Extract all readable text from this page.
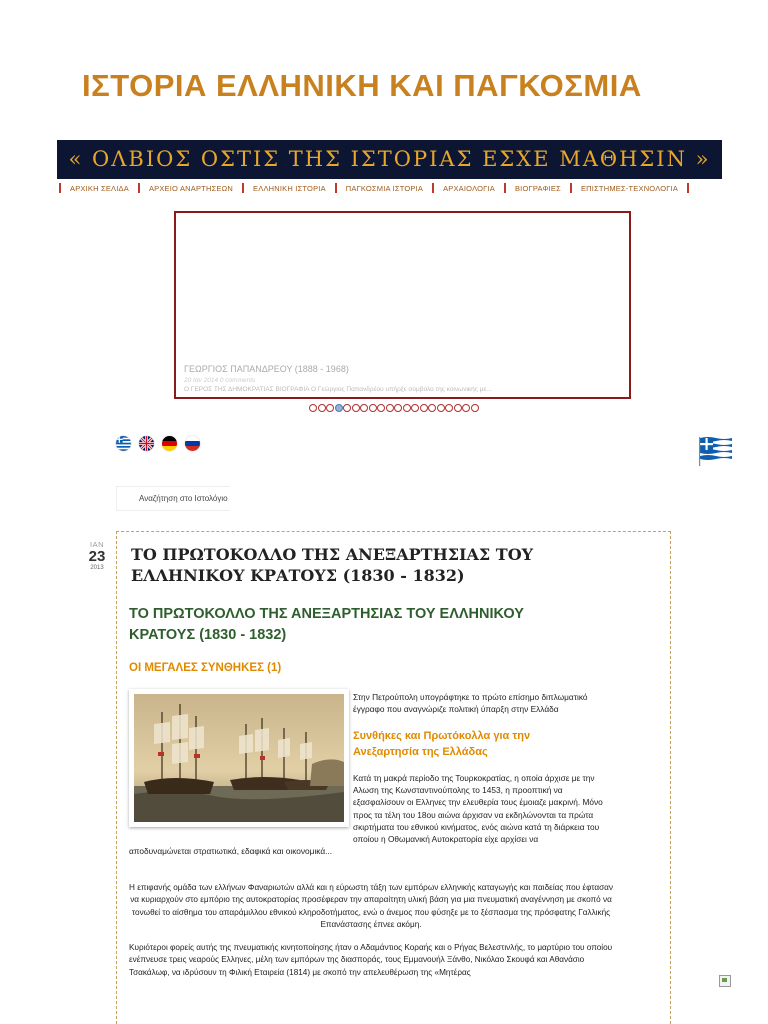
ΙΣΤΟΡΙΑ ΕΛΛΗΝΙΚΗ ΚΑΙ ΠΑΓΚΟΣΜΙΑ
« ΟΛΒΙΟΣ ΟΣΤΙΣ ΤΗΣ ΙΣΤΟΡΙΑΣ ΕΣΧΕ ΜΑΘΗΣΙΝ »
ΑΡΧΙΚΗ ΣΕΛΙΔΑ	ΑΡΧΕΙΟ ΑΝΑΡΤΗΣΕΩΝ	ΕΛΛΗΝΙΚΗ ΙΣΤΟΡΙΑ	ΠΑΓΚΟΣΜΙΑ ΙΣΤΟΡΙΑ	ΑΡΧΑΙΟΛΟΓΙΑ	ΒΙΟΓΡΑΦΙΕΣ	ΕΠΙΣΤΗΜΕΣ-ΤΕΧΝΟΛΟΓΙΑ
ΓΕΩΡΓΙΟΣ ΠΑΠΑΝΔΡΕΟΥ (1888 - 1968)
20 Ιαν 2014 0 comments
Ο ΓΕΡΟΣ ΤΗΣ ΔΗΜΟΚΡΑΤΙΑΣ ΒΙΟΓΡΑΦΙΑ Ο Γεώργιος Παπανδρέου υπήρξε σύμβολο της κοινωνικής με...
Αναζήτηση στο Ιστολόγιο
ΙΑΝ
23
2013
ΤΟ ΠΡΩΤΟΚΟΛΛΟ ΤΗΣ ΑΝΕΞΑΡΤΗΣΙΑΣ ΤΟΥ ΕΛΛΗΝΙΚΟΥ ΚΡΑΤΟΥΣ (1830 - 1832)
ΤΟ ΠΡΩΤΟΚΟΛΛΟ ΤΗΣ ΑΝΕΞΑΡΤΗΣΙΑΣ ΤΟΥ ΕΛΛΗΝΙΚΟΥ ΚΡΑΤΟΥΣ (1830 - 1832)
ΟΙ ΜΕΓΑΛΕΣ ΣΥΝΘΗΚΕΣ (1)

Στην Πετρούπολη υπογράφτηκε το πρώτο επίσημο διπλωματικό έγγραφο που αναγνώριζε πολιτική ύπαρξη στην Ελλάδα

Συνθήκες και Πρωτόκολλα για την Ανεξαρτησία της Ελλάδας

Κατά τη μακρά περίοδο της Τουρκοκρατίας, η οποία άρχισε με την Αλωση της Κωνσταντινούπολης το 1453, η προοπτική να εξασφαλίσουν οι Ελληνες την ελευθερία τους έμοιαζε μακρινή. Μόνο προς τα τέλη του 18ου αιώνα άρχισαν να εκδηλώνονται τα πρώτα σκιρτήματα του εθνικού κινήματος, ενός αιώνα κατά τη διάρκεια του οποίου η Οθωμανική Αυτοκρατορία είχε αρχίσει να

αποδυναμώνεται στρατιωτικά, εδαφικά και οικονομικά...

Η επιφανής ομάδα των ελλήνων Φαναριωτών αλλά και η εύρωστη τάξη των εμπόρων ελληνικής καταγωγής και παιδείας που έφτασαν να κυριαρχούν στο εμπόριο της αυτοκρατορίας προσέφεραν την απαραίτητη υλική βάση για μια πνευματική αναγέννηση με σκοπό να τονωθεί το αίσθημα του απαράμιλλου εθνικού κληροδοτήματος, ενώ ο άνεμος που φύσηξε με το ξέσπασμα της πρόσφατης Γαλλικής Επανάστασης έπνεε ακόμη.

Κυριότεροι φορείς αυτής της πνευματικής κινητοποίησης ήταν ο Αδαμάντιος Κοραής και ο Ρήγας Βελεστινλής, το μαρτύριο του οποίου ενέπνευσε τρεις νεαρούς Ελληνες, μέλη των εμπόρων της διασποράς, τους Εμμανουήλ Ξάνθο, Νικόλαο Σκουφά και Αθανάσιο Τσακάλωφ, να ιδρύσουν τη Φιλική Εταιρεία (1814) με σκοπό την απελευθέρωση της «Μητέρας
